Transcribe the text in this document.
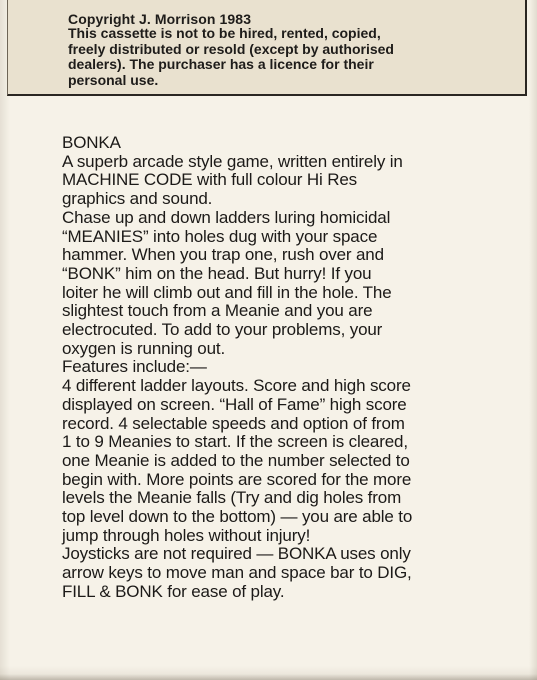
Copyright J. Morrison 1983
This cassette is not to be hired, rented, copied,
freely distributed or resold (except by authorised
dealers). The purchaser has a licence for their
personal use.
BONKA
A superb arcade style game, written entirely in
MACHINE CODE with full colour Hi Res
graphics and sound.
Chase up and down ladders luring homicidal
“MEANIES” into holes dug with your space
hammer. When you trap one, rush over and
“BONK” him on the head. But hurry! If you
loiter he will climb out and fill in the hole. The
slightest touch from a Meanie and you are
electrocuted. To add to your problems, your
oxygen is running out.
Features include:—
4 different ladder layouts. Score and high score
displayed on screen. “Hall of Fame” high score
record. 4 selectable speeds and option of from
1 to 9 Meanies to start. If the screen is cleared,
one Meanie is added to the number selected to
begin with. More points are scored for the more
levels the Meanie falls (Try and dig holes from
top level down to the bottom) — you are able to
jump through holes without injury!
Joysticks are not required — BONKA uses only
arrow keys to move man and space bar to DIG,
FILL & BONK for ease of play.
